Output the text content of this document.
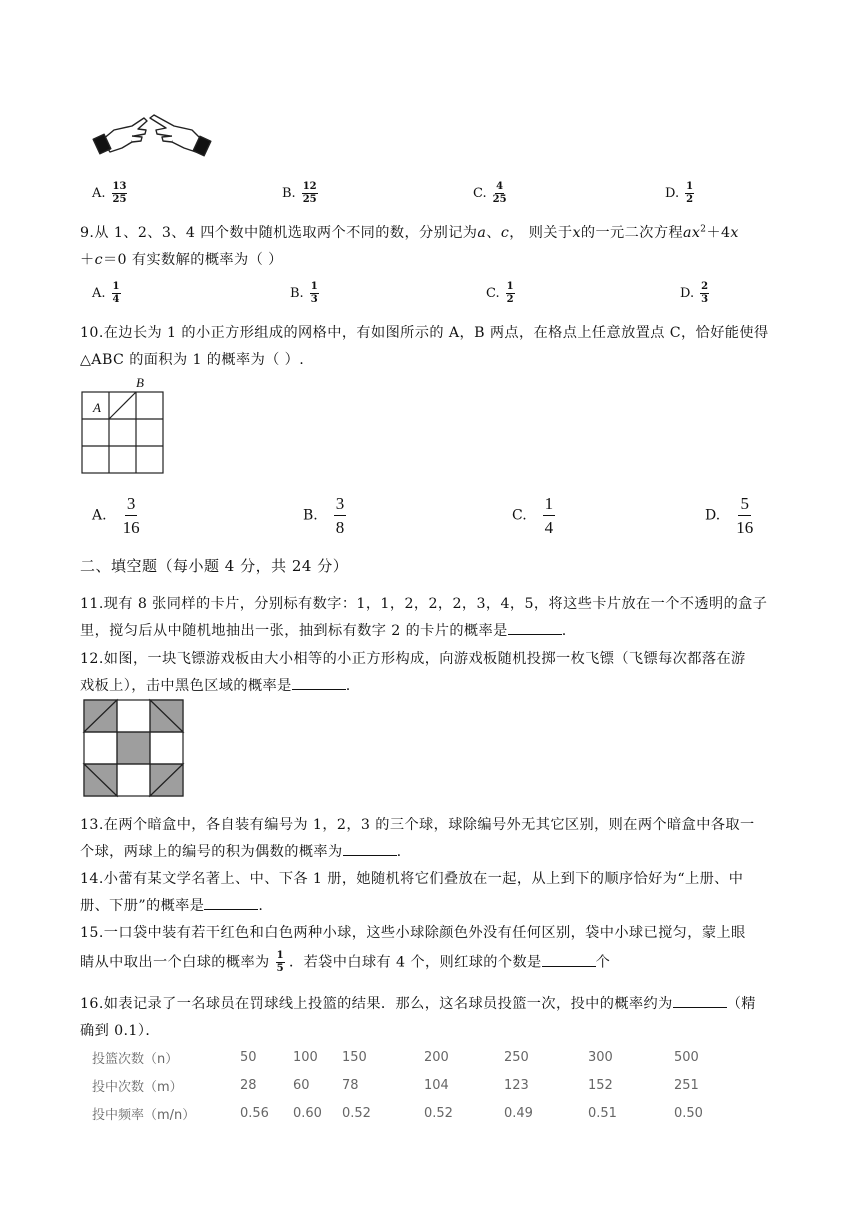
A. $\frac{13}{25}$	B. $\frac{12}{25}$	C. $\frac{4}{25}$	D. $\frac{1}{2}$
9.从 1、2、3、4 四个数中随机选取两个不同的数，分别记为a、c， 则关于x的一元二次方程$ax^2+4x$
＋c＝0 有实数解的概率为（ ）
A. $\frac{1}{4}$	B. $\frac{1}{3}$	C. $\frac{1}{2}$	D. $\frac{2}{3}$
10.在边长为 1 的小正方形组成的网格中，有如图所示的 A，B 两点，在格点上任意放置点 C，恰好能使得
△ABC 的面积为 1 的概率为（ ）.
A
B
A. $\frac{3}{16}$	B. $\frac{3}{8}$	C. $\frac{1}{4}$	D. $\frac{5}{16}$
二、填空题（每小题 4 分，共 24 分）
11.现有 8 张同样的卡片，分别标有数字：1，1，2，2，2，3，4，5，将这些卡片放在一个不透明的盒子
里，搅匀后从中随机地抽出一张，抽到标有数字 2 的卡片的概率是	.
12.如图，一块飞镖游戏板由大小相等的小正方形构成，向游戏板随机投掷一枚飞镖（飞镖每次都落在游
戏板上），击中黑色区域的概率是	.
13.在两个暗盒中，各自装有编号为 1，2，3 的三个球，球除编号外无其它区别，则在两个暗盒中各取一
个球，两球上的编号的积为偶数的概率为	.
14.小蕾有某文学名著上、中、下各 1 册，她随机将它们叠放在一起，从上到下的顺序恰好为“上册、中
册、下册”的概率是	.
15.一口袋中装有若干红色和白色两种小球，这些小球除颜色外没有任何区别，袋中小球已搅匀，蒙上眼
睛从中取出一个白球的概率为 $\frac{1}{5}$ ．若袋中白球有 4 个，则红球的个数是	个
16.如表记录了一名球员在罚球线上投篮的结果．那么，这名球员投篮一次，投中的概率约为	（精
确到 0.1）．
投篮次数（n）	50	100	150	200	250	300	500
投中次数（m）	28	60	78	104	123	152	251
投中频率（m/n）	0.56	0.60	0.52	0.52	0.49	0.51	0.50
